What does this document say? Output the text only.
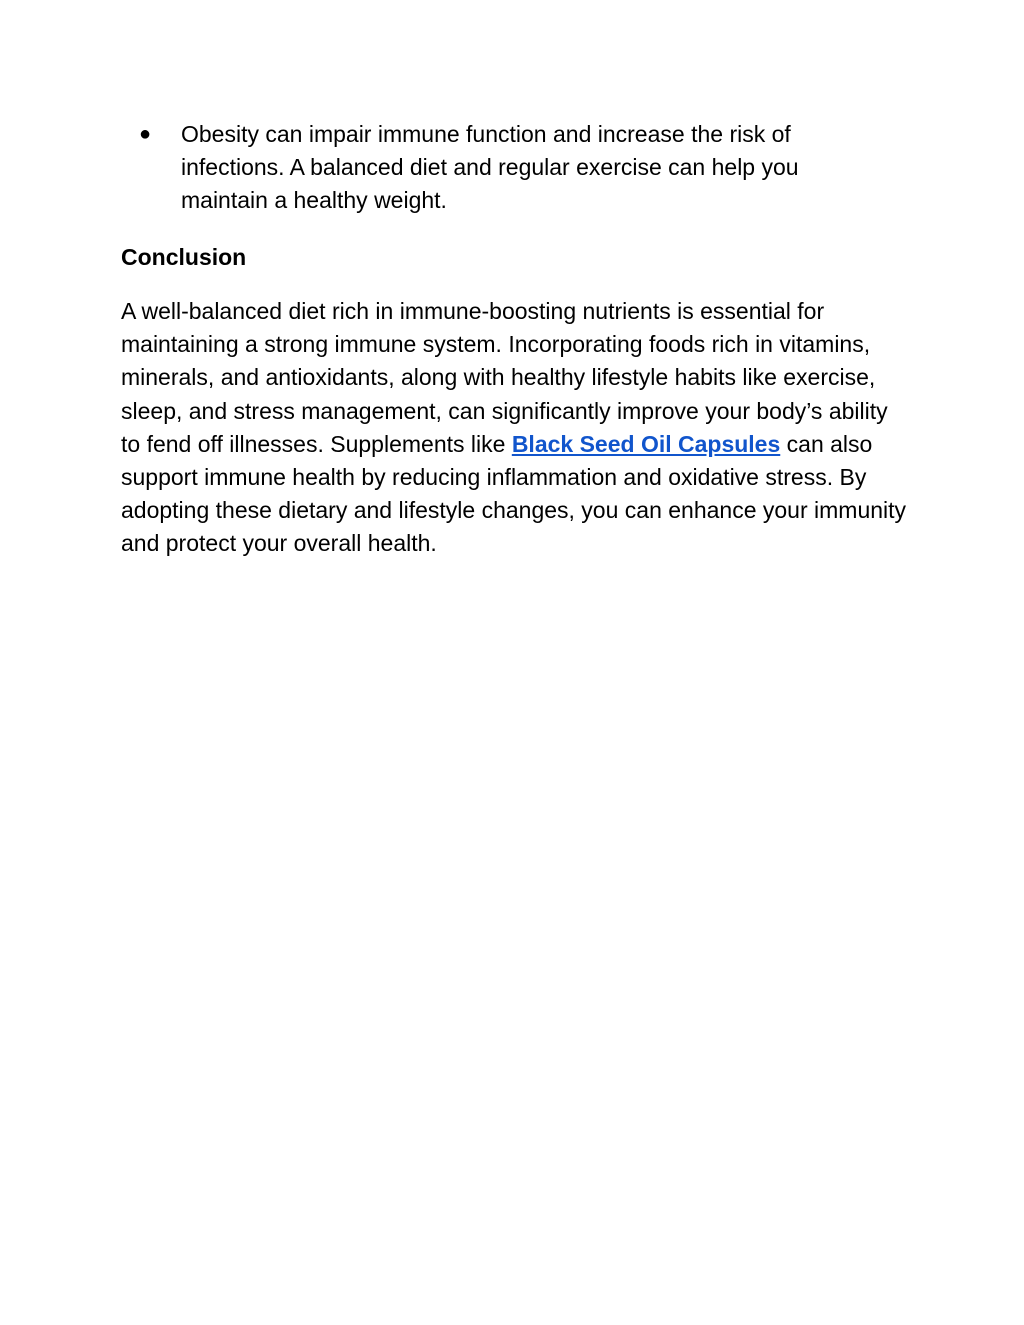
● Obesity can impair immune function and increase the risk of infections. A balanced diet and regular exercise can help you maintain a healthy weight.
Conclusion

A well-balanced diet rich in immune-boosting nutrients is essential for maintaining a strong immune system. Incorporating foods rich in vitamins, minerals, and antioxidants, along with healthy lifestyle habits like exercise, sleep, and stress management, can significantly improve your body’s ability to fend off illnesses. Supplements like Black Seed Oil Capsules can also support immune health by reducing inflammation and oxidative stress. By adopting these dietary and lifestyle changes, you can enhance your immunity and protect your overall health.
